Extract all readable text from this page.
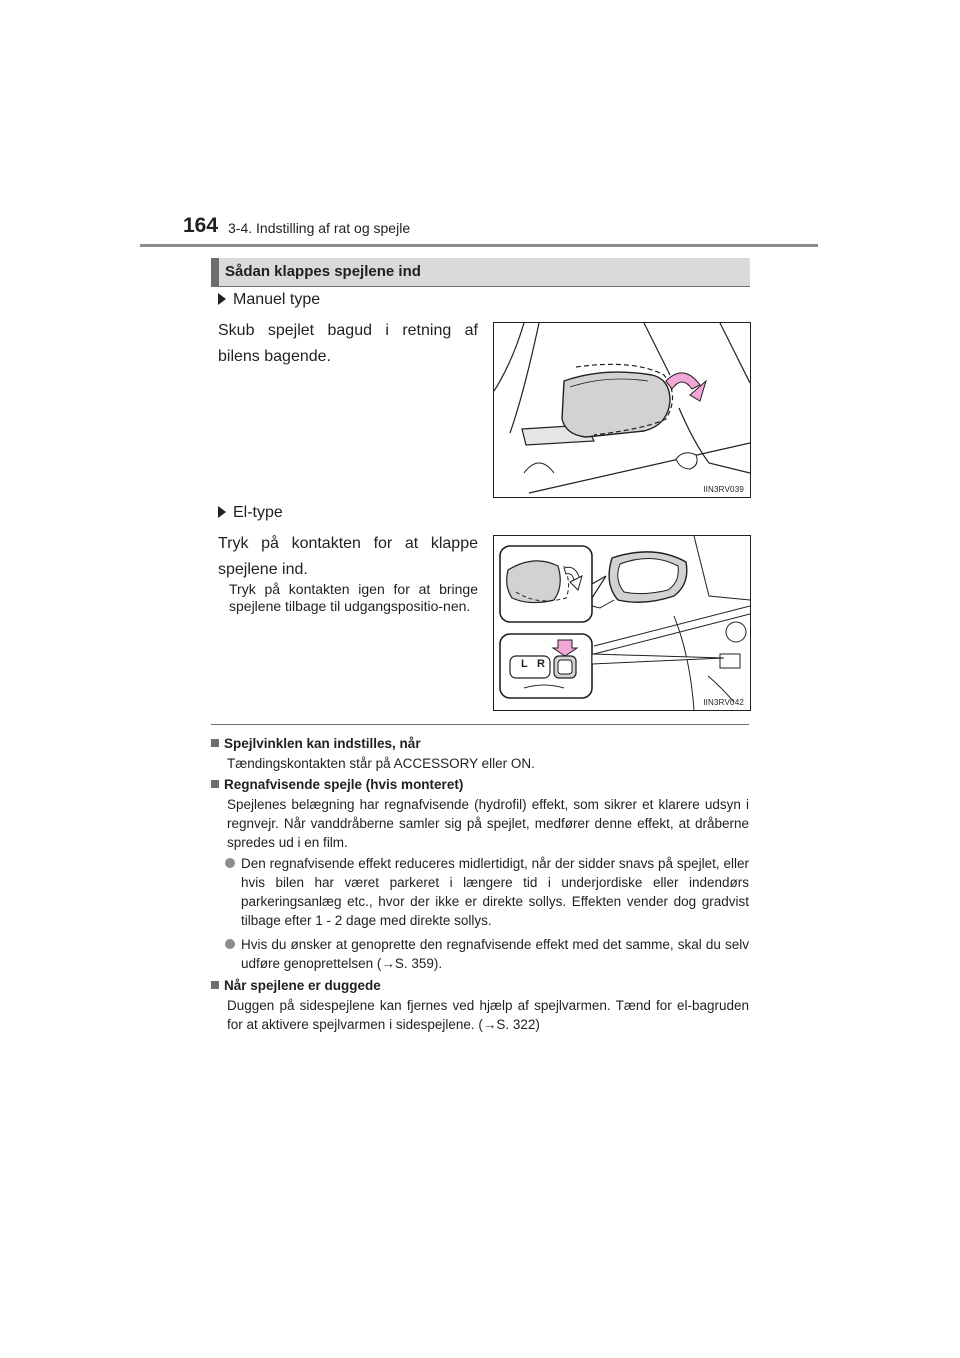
164 3-4. Indstilling af rat og spejle
Sådan klappes spejlene ind
Manuel type
Skub spejlet bagud i retning af bilens bagende.
IIN3RV039
El-type
Tryk på kontakten for at klappe spejlene ind.
Tryk på kontakten igen for at bringe spejlene tilbage til udgangspositio-nen.
L R
IIN3RV042
Spejlvinklen kan indstilles, når
Tændingskontakten står på ACCESSORY eller ON.
Regnafvisende spejle (hvis monteret)
Spejlenes belægning har regnafvisende (hydrofil) effekt, som sikrer et klarere udsyn i regnvejr. Når vanddråberne samler sig på spejlet, medfører denne effekt, at dråberne spredes ud i en film.
Den regnafvisende effekt reduceres midlertidigt, når der sidder snavs på spejlet, eller hvis bilen har været parkeret i længere tid i underjordiske eller indendørs parkeringsanlæg etc., hvor der ikke er direkte sollys. Effekten vender dog gradvist tilbage efter 1 - 2 dage med direkte sollys.
Hvis du ønsker at genoprette den regnafvisende effekt med det samme, skal du selv udføre genoprettelsen (→S. 359).
Når spejlene er duggede
Duggen på sidespejlene kan fjernes ved hjælp af spejlvarmen. Tænd for el-bagruden for at aktivere spejlvarmen i sidespejlene. (→S. 322)
